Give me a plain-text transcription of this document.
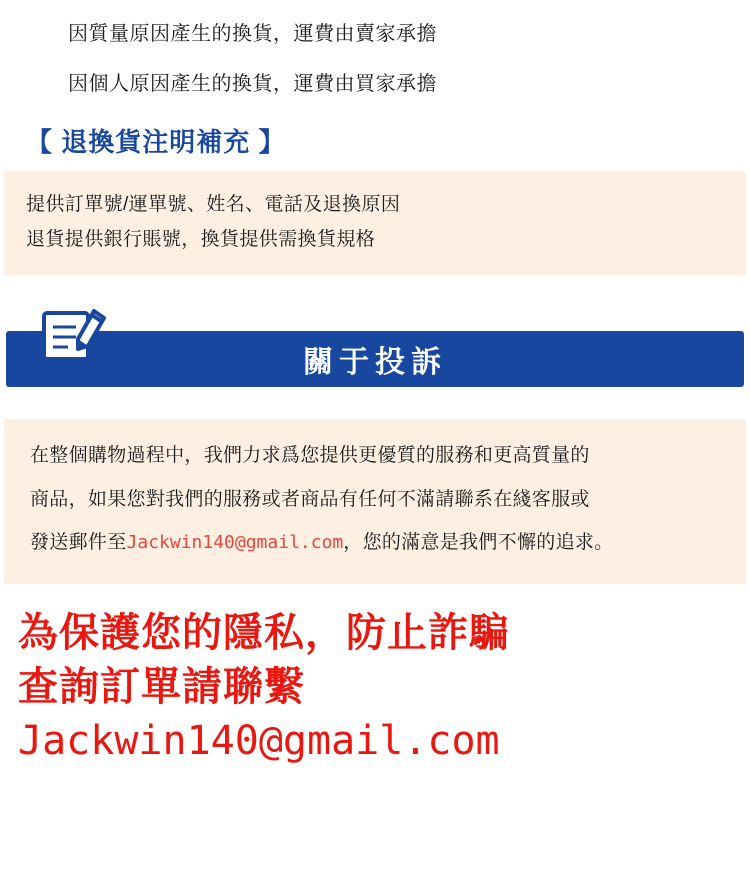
因質量原因產生的換貨，運費由賣家承擔
因個人原因產生的換貨，運費由買家承擔
【 退換貨注明補充 】
提供訂單號/運單號、姓名、電話及退換原因
退貨提供銀行賬號，換貨提供需換貨規格
關于投訴

在整個購物過程中，我們力求爲您提供更優質的服務和更高質量的

商品，如果您對我們的服務或者商品有任何不滿請聯系在綫客服或

發送郵件至Jackwin140@gmail.com，您的滿意是我們不懈的追求。

為保護您的隱私，防止詐騙
查詢訂單請聯繫
Jackwin140@gmail.com
